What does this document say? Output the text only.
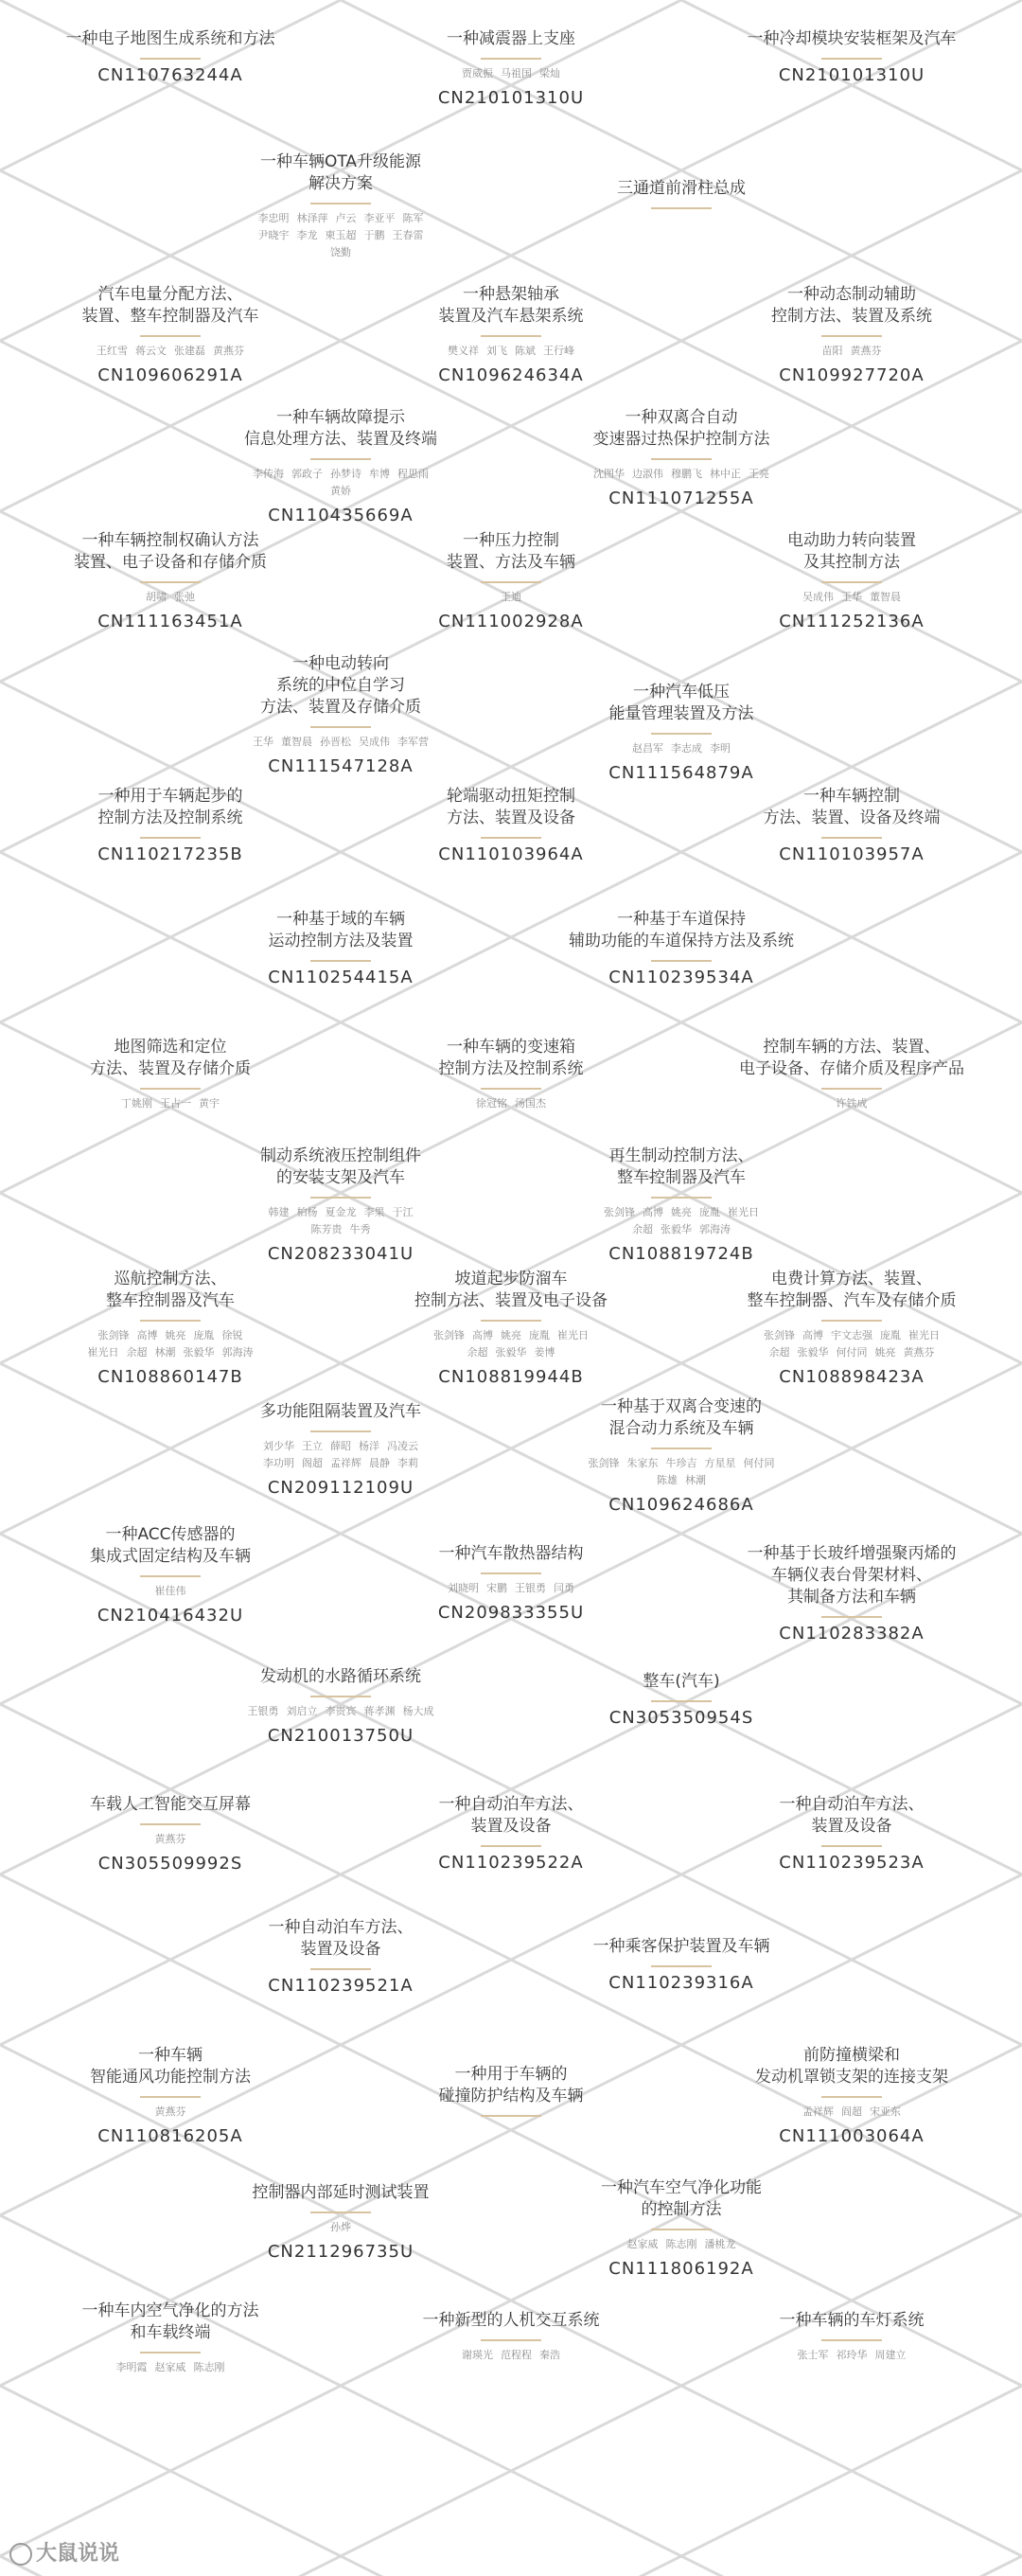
一种电子地图生成系统和方法
CN110763244A
一种减震器上支座
贾威振 马祖国 梁灿
CN210101310U
一种冷却模块安装框架及汽车
CN210101310U
一种车辆OTA升级能源
解决方案
李忠明 林泽萍 卢云 李亚平 陈军
尹晓宇 李龙 柬玉超 于鹏 王春雷
饶勤
三通道前滑柱总成
汽车电量分配方法、
装置、整车控制器及汽车
王红雪 蒋云文 张建磊 黄燕芬
CN109606291A
一种悬架轴承
装置及汽车悬架系统
樊义祥 刘飞 陈斌 王行峰
CN109624634A
一种动态制动辅助
控制方法、装置及系统
苗阳 黄燕芬
CN109927720A
一种车辆故障提示
信息处理方法、装置及终端
李传海 郭政子 孙梦诗 牟博 程思雨
黄娇
CN110435669A
一种双离合自动
变速器过热保护控制方法
沈图华 边淑伟 穆鹏飞 林中正 王亮
CN111071255A
一种车辆控制权确认方法
装置、电子设备和存储介质
胡啸 张弛
CN111163451A
一种压力控制
装置、方法及车辆
王迪
CN111002928A
电动助力转向装置
及其控制方法
吴成伟 王华 董智晨
CN111252136A
一种电动转向
系统的中位自学习
方法、装置及存储介质
王华 董智晨 孙晋松 吴成伟 李军营
CN111547128A
一种汽车低压
能量管理装置及方法
赵昌军 李志成 李明
CN111564879A
一种用于车辆起步的
控制方法及控制系统
CN110217235B
轮端驱动扭矩控制
方法、装置及设备
CN110103964A
一种车辆控制
方法、装置、设备及终端
CN110103957A
一种基于域的车辆
运动控制方法及装置
CN110254415A
一种基于车道保持
辅助功能的车道保持方法及系统
CN110239534A
地图筛选和定位
方法、装置及存储介质
丁姚刚 王占一 黄宇
一种车辆的变速箱
控制方法及控制系统
徐冠铭 汤国杰
控制车辆的方法、装置、
电子设备、存储介质及程序产品
许铁成
制动系统液压控制组件
的安装支架及汽车
韩建 柏杨 夏金龙 李果 于江
陈芳贵 牛秀
CN208233041U
再生制动控制方法、
整车控制器及汽车
张剑锋 高博 姚亮 庞胤 崔光日
余超 张毅华 郭海涛
CN108819724B
巡航控制方法、
整车控制器及汽车
张剑锋 高博 姚亮 庞胤 徐锐
崔光日 余超 林潮 张毅华 郭海涛
CN108860147B
坡道起步防溜车
控制方法、装置及电子设备
张剑锋 高博 姚亮 庞胤 崔光日
余超 张毅华 姜博
CN108819944B
电费计算方法、装置、
整车控制器、汽车及存储介质
张剑锋 高博 宇文志强 庞胤 崔光日
余超 张毅华 何付同 姚亮 黄燕芬
CN108898423A
多功能阻隔装置及汽车
刘少华 王立 薛昭 杨洋 冯凌云
李功明 阁超 孟祥辉 晨静 李莉
CN209112109U
一种基于双离合变速的
混合动力系统及车辆
张剑锋 朱家东 牛珍吉 方星星 何付同
陈雄 林潮
CN109624686A
一种ACC传感器的
集成式固定结构及车辆
崔佳伟
CN210416432U
一种汽车散热器结构
刘晓明 宋鹏 王银勇 闫勇
CN209833355U
一种基于长玻纤增强聚丙烯的
车辆仪表台骨架材料、
其制备方法和车辆
CN110283382A
发动机的水路循环系统
王银勇 刘启立 李贵宾 蒋孝渊 杨大成
CN210013750U
整车(汽车)
CN305350954S
车载人工智能交互屏幕
黄燕芬
CN305509992S
一种自动泊车方法、
装置及设备
CN110239522A
一种自动泊车方法、
装置及设备
CN110239523A
一种自动泊车方法、
装置及设备
CN110239521A
一种乘客保护装置及车辆
CN110239316A
一种车辆
智能通风功能控制方法
黄燕芬
CN110816205A
一种用于车辆的
碰撞防护结构及车辆
前防撞横梁和
发动机罩锁支架的连接支架
孟祥辉 阎超 宋亚东
CN111003064A
控制器内部延时测试装置
孙烨
CN211296735U
一种汽车空气净化功能
的控制方法
赵家威 陈志刚 潘桃龙
CN111806192A
一种车内空气净化的方法
和车载终端
李明霞 赵家威 陈志刚
一种新型的人机交互系统
谢瑛光 范程程 秦浩
一种车辆的车灯系统
张士军 祁玲华 周建立
大鼠说说
